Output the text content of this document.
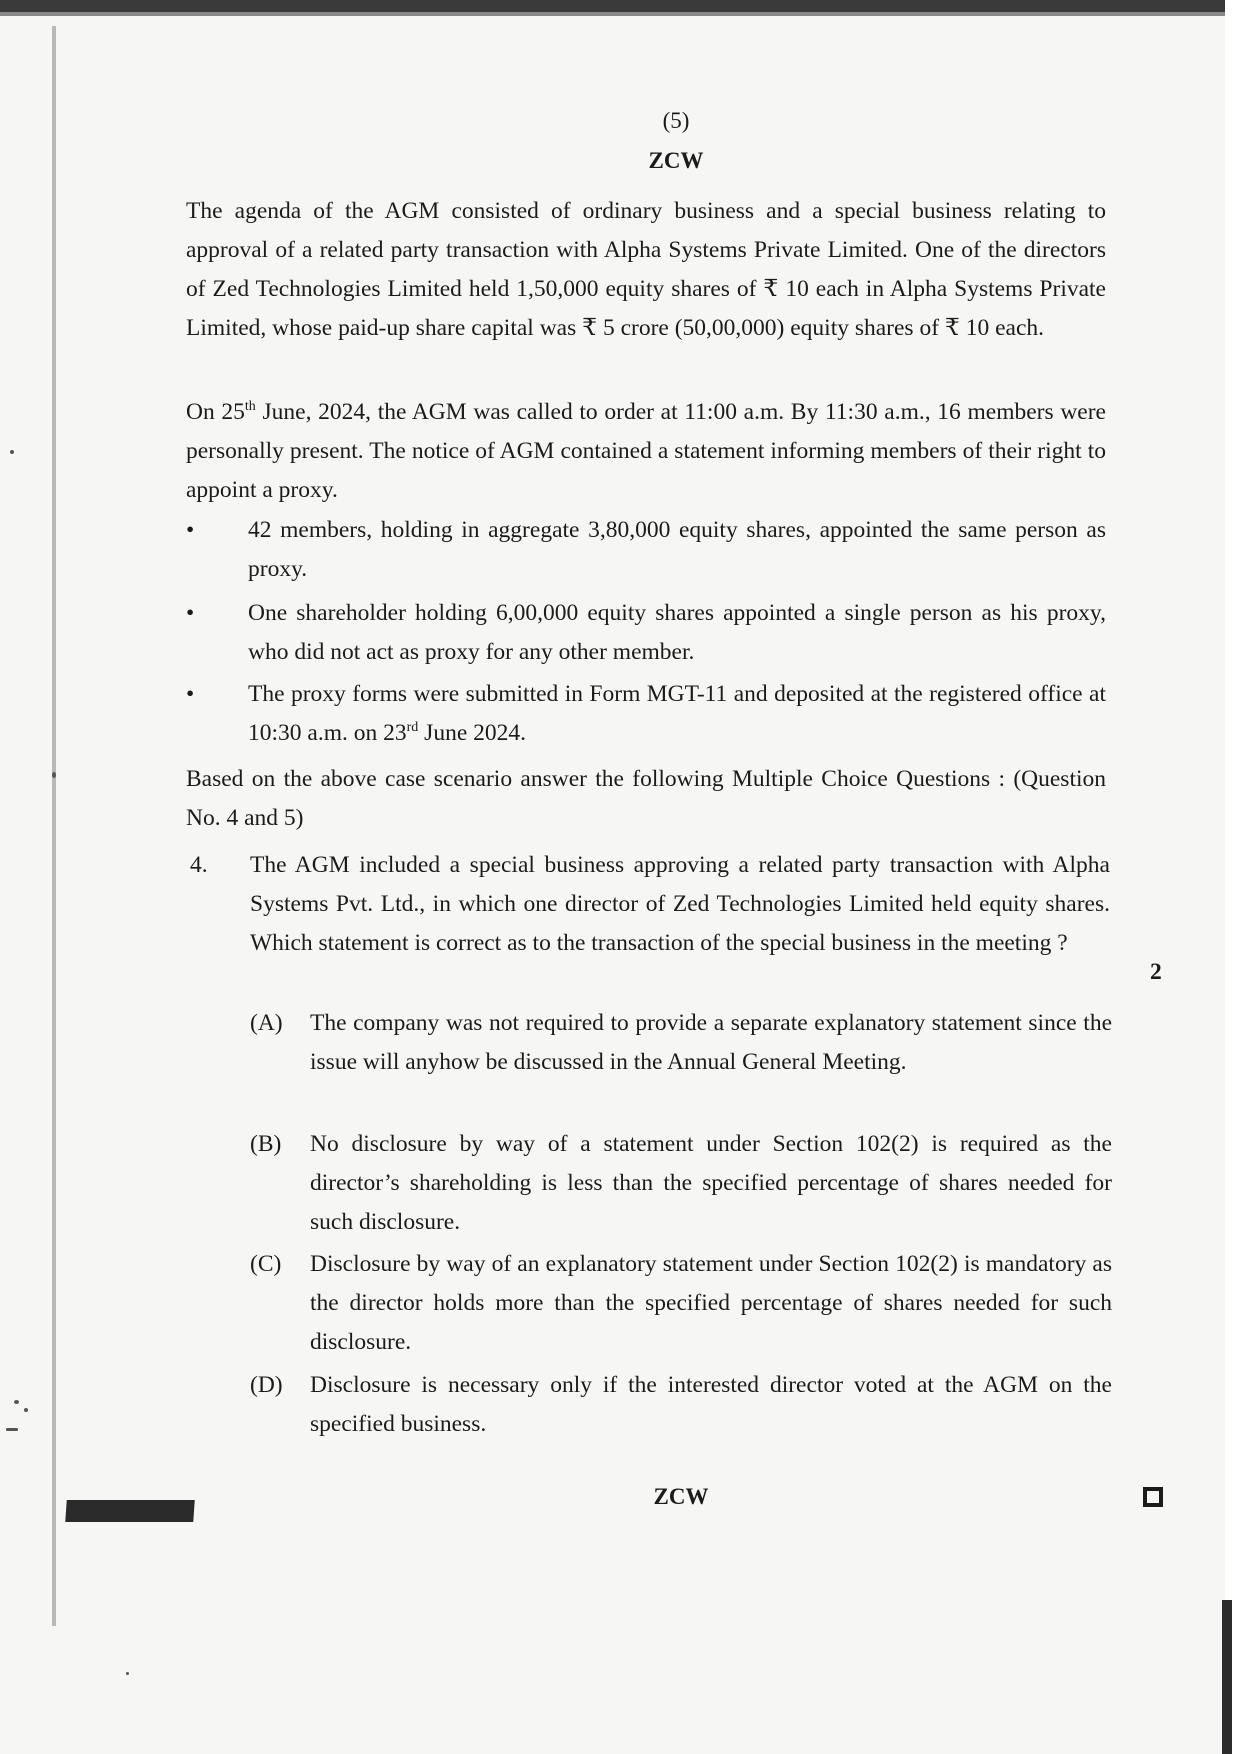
(5)
ZCW

The agenda of the AGM consisted of ordinary business and a special business relating to approval of a related party transaction with Alpha Systems Private Limited. One of the directors of Zed Technologies Limited held 1,50,000 equity shares of ₹ 10 each in Alpha Systems Private Limited, whose paid-up share capital was ₹ 5 crore (50,00,000) equity shares of ₹ 10 each.

On 25th June, 2024, the AGM was called to order at 11:00 a.m. By 11:30 a.m., 16 members were personally present. The notice of AGM contained a statement informing members of their right to appoint a proxy.

•	42 members, holding in aggregate 3,80,000 equity shares, appointed the same person as proxy.
•	One shareholder holding 6,00,000 equity shares appointed a single person as his proxy, who did not act as proxy for any other member.
•	The proxy forms were submitted in Form MGT-11 and deposited at the registered office at 10:30 a.m. on 23rd June 2024.

Based on the above case scenario answer the following Multiple Choice Questions : (Question No. 4 and 5)

4. The AGM included a special business approving a related party transaction with Alpha Systems Pvt. Ltd., in which one director of Zed Technologies Limited held equity shares. Which statement is correct as to the transaction of the special business in the meeting ?
2
(A) The company was not required to provide a separate explanatory statement since the issue will anyhow be discussed in the Annual General Meeting.
(B) No disclosure by way of a statement under Section 102(2) is required as the director’s shareholding is less than the specified percentage of shares needed for such disclosure.
(C) Disclosure by way of an explanatory statement under Section 102(2) is mandatory as the director holds more than the specified percentage of shares needed for such disclosure.
(D) Disclosure is necessary only if the interested director voted at the AGM on the specified business.
ZCW
